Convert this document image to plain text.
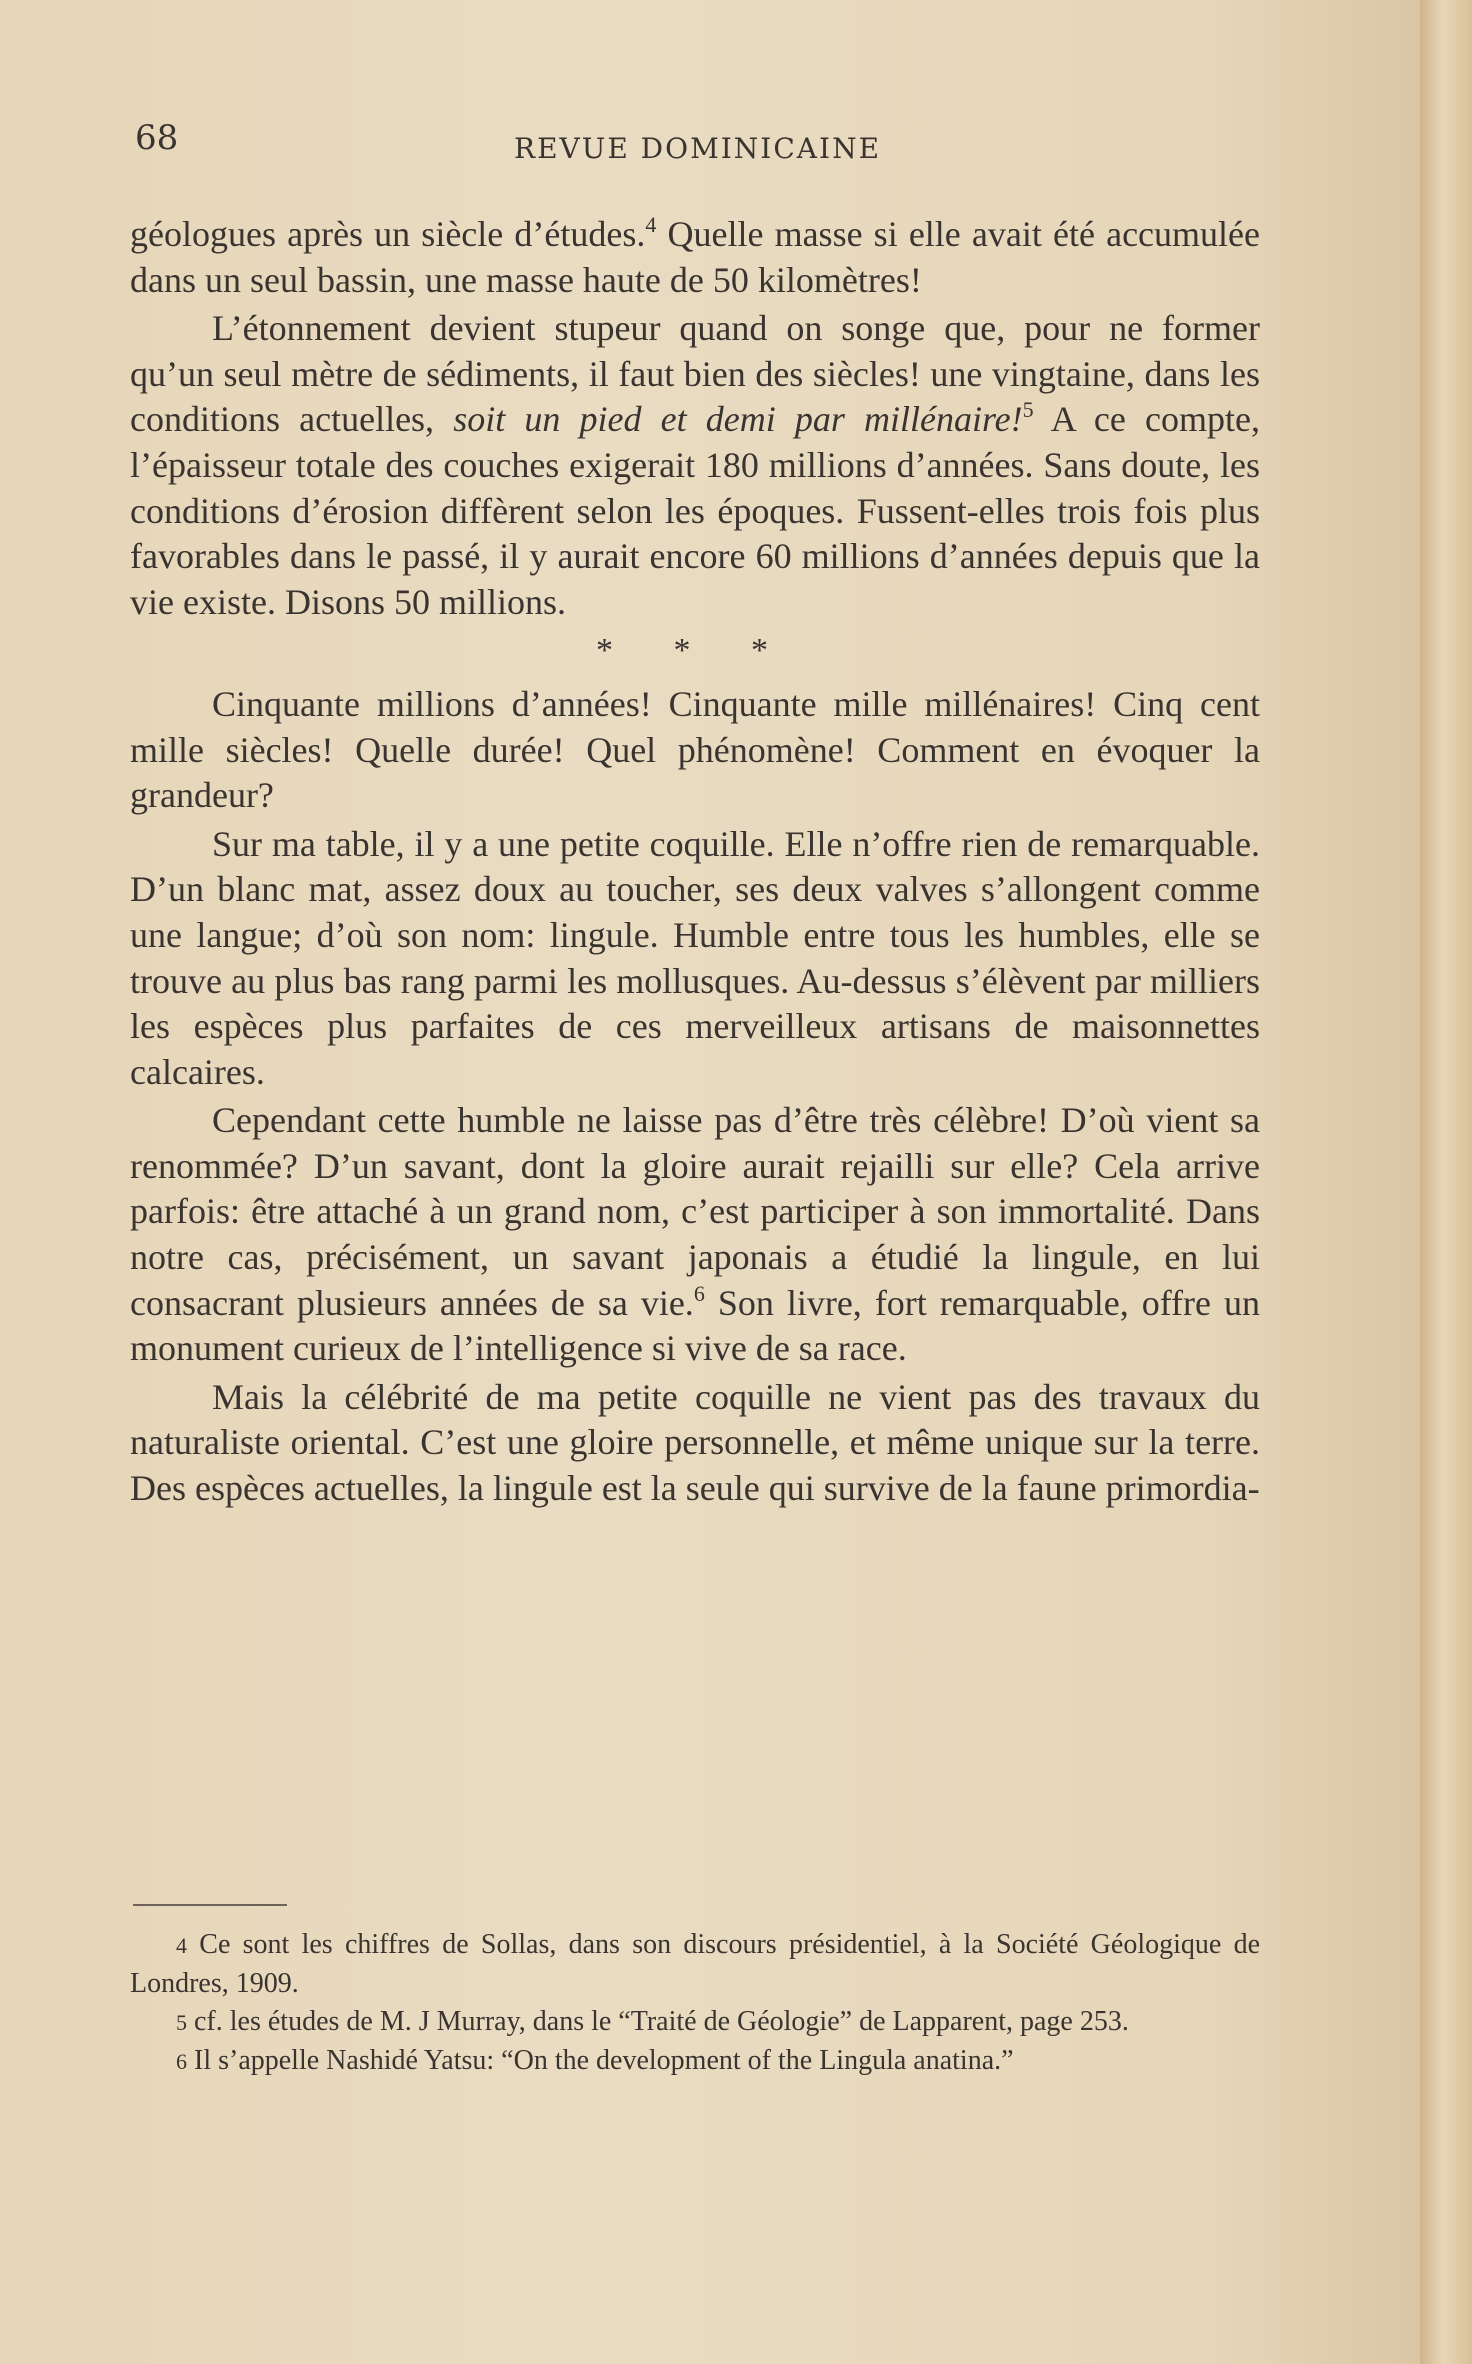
68	REVUE DOMINICAINE

géologues après un siècle d’études.$^4$ Quelle masse si elle avait été accumulée dans un seul bassin, une masse haute de 50 kilomètres!

L’étonnement devient stupeur quand on songe que, pour ne former qu’un seul mètre de sédiments, il faut bien des siècles! une vingtaine, dans les conditions actuelles, soit un pied et demi par millénaire!$^5$ A ce compte, l’épaisseur totale des couches exigerait 180 millions d’années. Sans doute, les conditions d’érosion diffèrent selon les époques. Fussent-elles trois fois plus favorables dans le passé, il y aurait encore 60 millions d’années depuis que la vie existe. Disons 50 millions.

* * *

Cinquante millions d’années! Cinquante mille millénaires! Cinq cent mille siècles! Quelle durée! Quel phénomène! Comment en évoquer la grandeur?

Sur ma table, il y a une petite coquille. Elle n’offre rien de remarquable. D’un blanc mat, assez doux au toucher, ses deux valves s’allongent comme une langue; d’où son nom: lingule. Humble entre tous les humbles, elle se trouve au plus bas rang parmi les mollusques. Au-dessus s’élèvent par milliers les espèces plus parfaites de ces merveilleux artisans de maisonnettes calcaires.

Cependant cette humble ne laisse pas d’être très célèbre! D’où vient sa renommée? D’un savant, dont la gloire aurait rejailli sur elle? Cela arrive parfois: être attaché à un grand nom, c’est participer à son immortalité. Dans notre cas, précisément, un savant japonais a étudié la lingule, en lui consacrant plusieurs années de sa vie.$^6$ Son livre, fort remarquable, offre un monument curieux de l’intelligence si vive de sa race.

Mais la célébrité de ma petite coquille ne vient pas des travaux du naturaliste oriental. C’est une gloire personnelle, et même unique sur la terre. Des espèces actuelles, la lingule est la seule qui survive de la faune primordia-

4 Ce sont les chiffres de Sollas, dans son discours présidentiel, à la Société Géologique de Londres, 1909.

5 cf. les études de M. J Murray, dans le “Traité de Géologie” de Lapparent, page 253.

6 Il s’appelle Nashidé Yatsu: “On the development of the Lingula anatina.”
